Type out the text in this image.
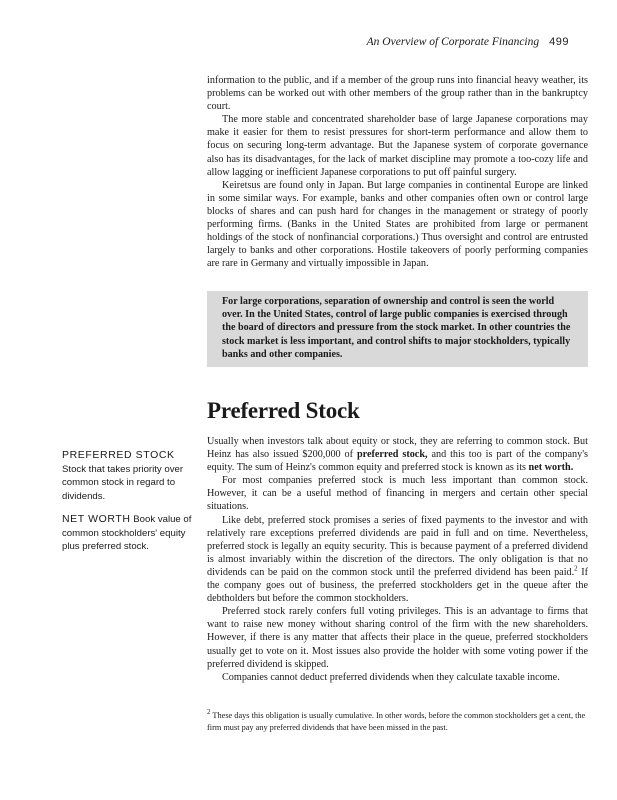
An Overview of Corporate Financing 499

information to the public, and if a member of the group runs into financial heavy weather, its problems can be worked out with other members of the group rather than in the bankruptcy court.

The more stable and concentrated shareholder base of large Japanese corporations may make it easier for them to resist pressures for short-term performance and allow them to focus on securing long-term advantage. But the Japanese system of corporate governance also has its disadvantages, for the lack of market discipline may promote a too-cozy life and allow lagging or inefficient Japanese corporations to put off painful surgery.

Keiretsus are found only in Japan. But large companies in continental Europe are linked in some similar ways. For example, banks and other companies often own or control large blocks of shares and can push hard for changes in the management or strategy of poorly performing firms. (Banks in the United States are prohibited from large or permanent holdings of the stock of nonfinancial corporations.) Thus oversight and control are entrusted largely to banks and other corporations. Hostile takeovers of poorly performing companies are rare in Germany and virtually impossible in Japan.

For large corporations, separation of ownership and control is seen the world over. In the United States, control of large public companies is exercised through the board of directors and pressure from the stock market. In other countries the stock market is less important, and control shifts to major stockholders, typically banks and other companies.
Preferred Stock
PREFERRED STOCK
Stock that takes priority over common stock in regard to dividends.
NET WORTH Book value of common stockholders' equity plus preferred stock.

Usually when investors talk about equity or stock, they are referring to common stock. But Heinz has also issued $200,000 of preferred stock, and this too is part of the company's equity. The sum of Heinz's common equity and preferred stock is known as its net worth.

For most companies preferred stock is much less important than common stock. However, it can be a useful method of financing in mergers and certain other special situations.

Like debt, preferred stock promises a series of fixed payments to the investor and with relatively rare exceptions preferred dividends are paid in full and on time. Nevertheless, preferred stock is legally an equity security. This is because payment of a preferred dividend is almost invariably within the discretion of the directors. The only obligation is that no dividends can be paid on the common stock until the preferred dividend has been paid.$^2$ If the company goes out of business, the preferred stockholders get in the queue after the debtholders but before the common stockholders.

Preferred stock rarely confers full voting privileges. This is an advantage to firms that want to raise new money without sharing control of the firm with the new shareholders. However, if there is any matter that affects their place in the queue, preferred stockholders usually get to vote on it. Most issues also provide the holder with some voting power if the preferred dividend is skipped.

Companies cannot deduct preferred dividends when they calculate taxable income.

$^2$ These days this obligation is usually cumulative. In other words, before the common stockholders get a cent, the firm must pay any preferred dividends that have been missed in the past.
